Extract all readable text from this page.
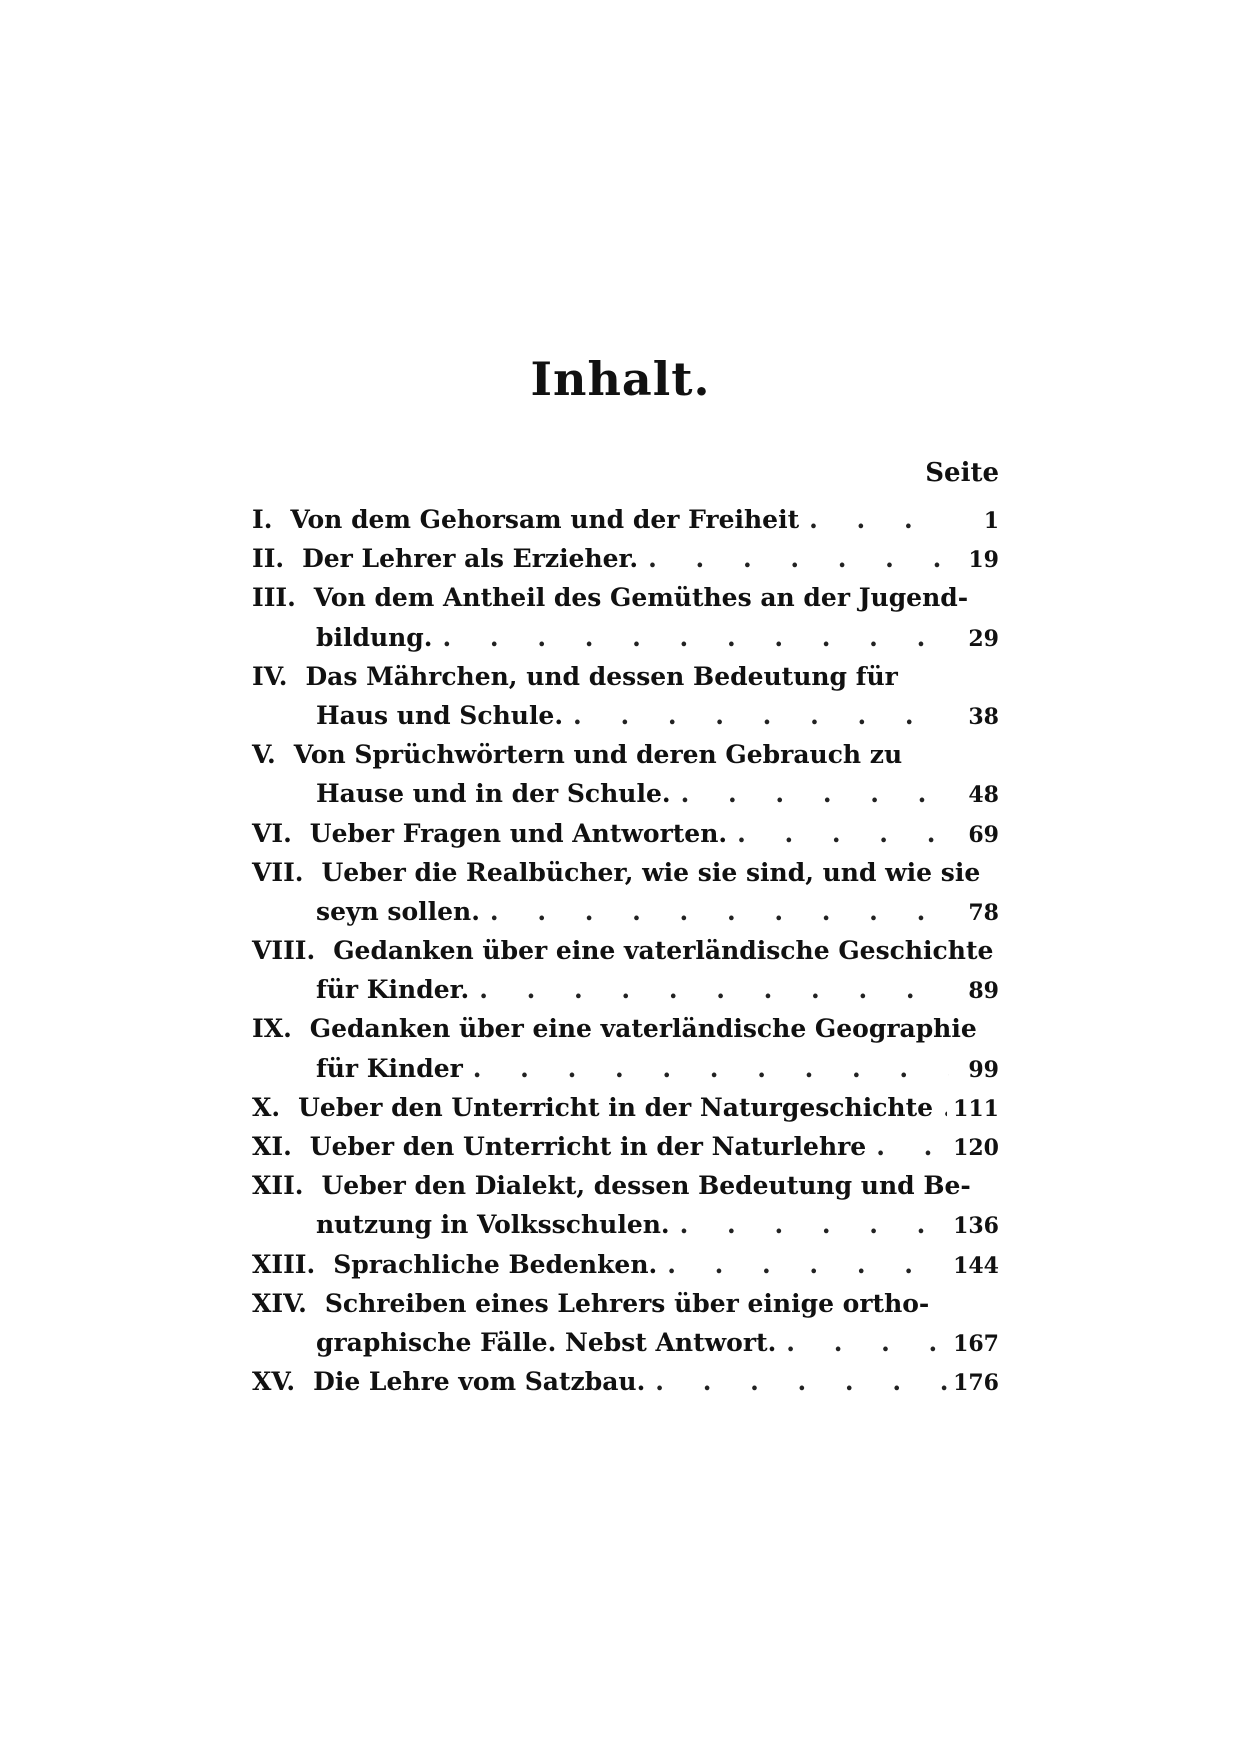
Inhalt.
Seite
I. Von dem Gehorsam und der Freiheit . . .	1
II. Der Lehrer als Erzieher. . . .	19
III. Von dem Antheil des Gemüthes an der Jugend-
bildung. . . .	29
IV. Das Mährchen, und dessen Bedeutung für
Haus und Schule. . . .	38
V. Von Sprüchwörtern und deren Gebrauch zu
Hause und in der Schule. . . .	48
VI. Ueber Fragen und Antworten. . . .	69
VII. Ueber die Realbücher, wie sie sind, und wie sie
seyn sollen. . . .	78
VIII. Gedanken über eine vaterländische Geschichte
für Kinder. . . .	89
IX. Gedanken über eine vaterländische Geographie
für Kinder . . .	99
X. Ueber den Unterricht in der Naturgeschichte . . . 111
XI. Ueber den Unterricht in der Naturlehre . . .	120
XII. Ueber den Dialekt, dessen Bedeutung und Be-
nutzung in Volksschulen. . . .	136
XIII. Sprachliche Bedenken. . . .	144
XIV. Schreiben eines Lehrers über einige ortho-
graphische Fälle. Nebst Antwort. . . .	167
XV. Die Lehre vom Satzbau. . . .	176
